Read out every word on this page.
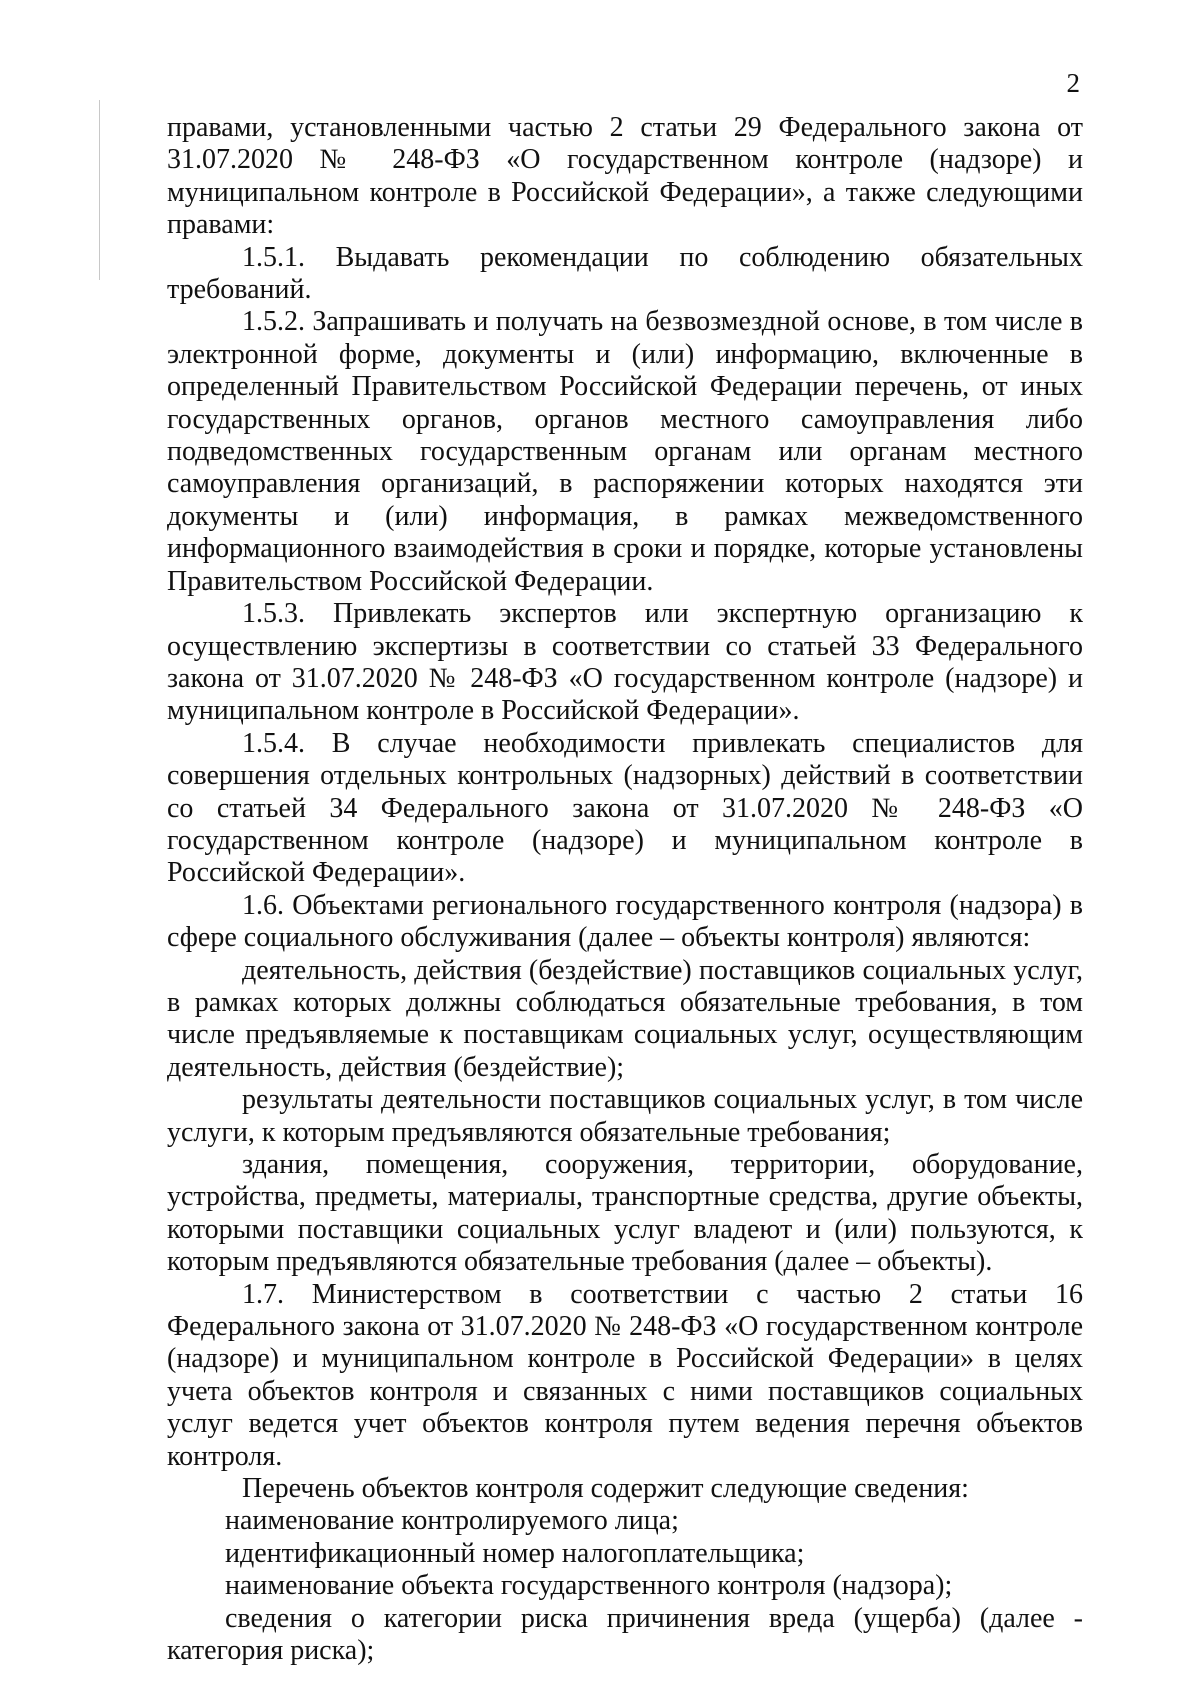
2

правами, установленными частью 2 статьи 29 Федерального закона от 31.07.2020 № 248-ФЗ «О государственном контроле (надзоре) и муниципальном контроле в Российской Федерации», а также следующими правами:

1.5.1. Выдавать рекомендации по соблюдению обязательных требований.

1.5.2. Запрашивать и получать на безвозмездной основе, в том числе в электронной форме, документы и (или) информацию, включенные в определенный Правительством Российской Федерации перечень, от иных государственных органов, органов местного самоуправления либо подведомственных государственным органам или органам местного самоуправления организаций, в распоряжении которых находятся эти документы и (или) информация, в рамках межведомственного информационного взаимодействия в сроки и порядке, которые установлены Правительством Российской Федерации.

1.5.3. Привлекать экспертов или экспертную организацию к осуществлению экспертизы в соответствии со статьей 33 Федерального закона от 31.07.2020 № 248-ФЗ «О государственном контроле (надзоре) и муниципальном контроле в Российской Федерации».

1.5.4. В случае необходимости привлекать специалистов для совершения отдельных контрольных (надзорных) действий в соответствии со статьей 34 Федерального закона от 31.07.2020 № 248-ФЗ «О государственном контроле (надзоре) и муниципальном контроле в Российской Федерации».

1.6. Объектами регионального государственного контроля (надзора) в сфере социального обслуживания (далее – объекты контроля) являются:

деятельность, действия (бездействие) поставщиков социальных услуг, в рамках которых должны соблюдаться обязательные требования, в том числе предъявляемые к поставщикам социальных услуг, осуществляющим деятельность, действия (бездействие);

результаты деятельности поставщиков социальных услуг, в том числе услуги, к которым предъявляются обязательные требования;

здания, помещения, сооружения, территории, оборудование, устройства, предметы, материалы, транспортные средства, другие объекты, которыми поставщики социальных услуг владеют и (или) пользуются, к которым предъявляются обязательные требования (далее – объекты).

1.7. Министерством в соответствии с частью 2 статьи 16 Федерального закона от 31.07.2020 № 248-ФЗ «О государственном контроле (надзоре) и муниципальном контроле в Российской Федерации» в целях учета объектов контроля и связанных с ними поставщиков социальных услуг ведется учет объектов контроля путем ведения перечня объектов контроля.

Перечень объектов контроля содержит следующие сведения:

наименование контролируемого лица;

идентификационный номер налогоплательщика;

наименование объекта государственного контроля (надзора);

сведения о категории риска причинения вреда (ущерба) (далее - категория риска);
